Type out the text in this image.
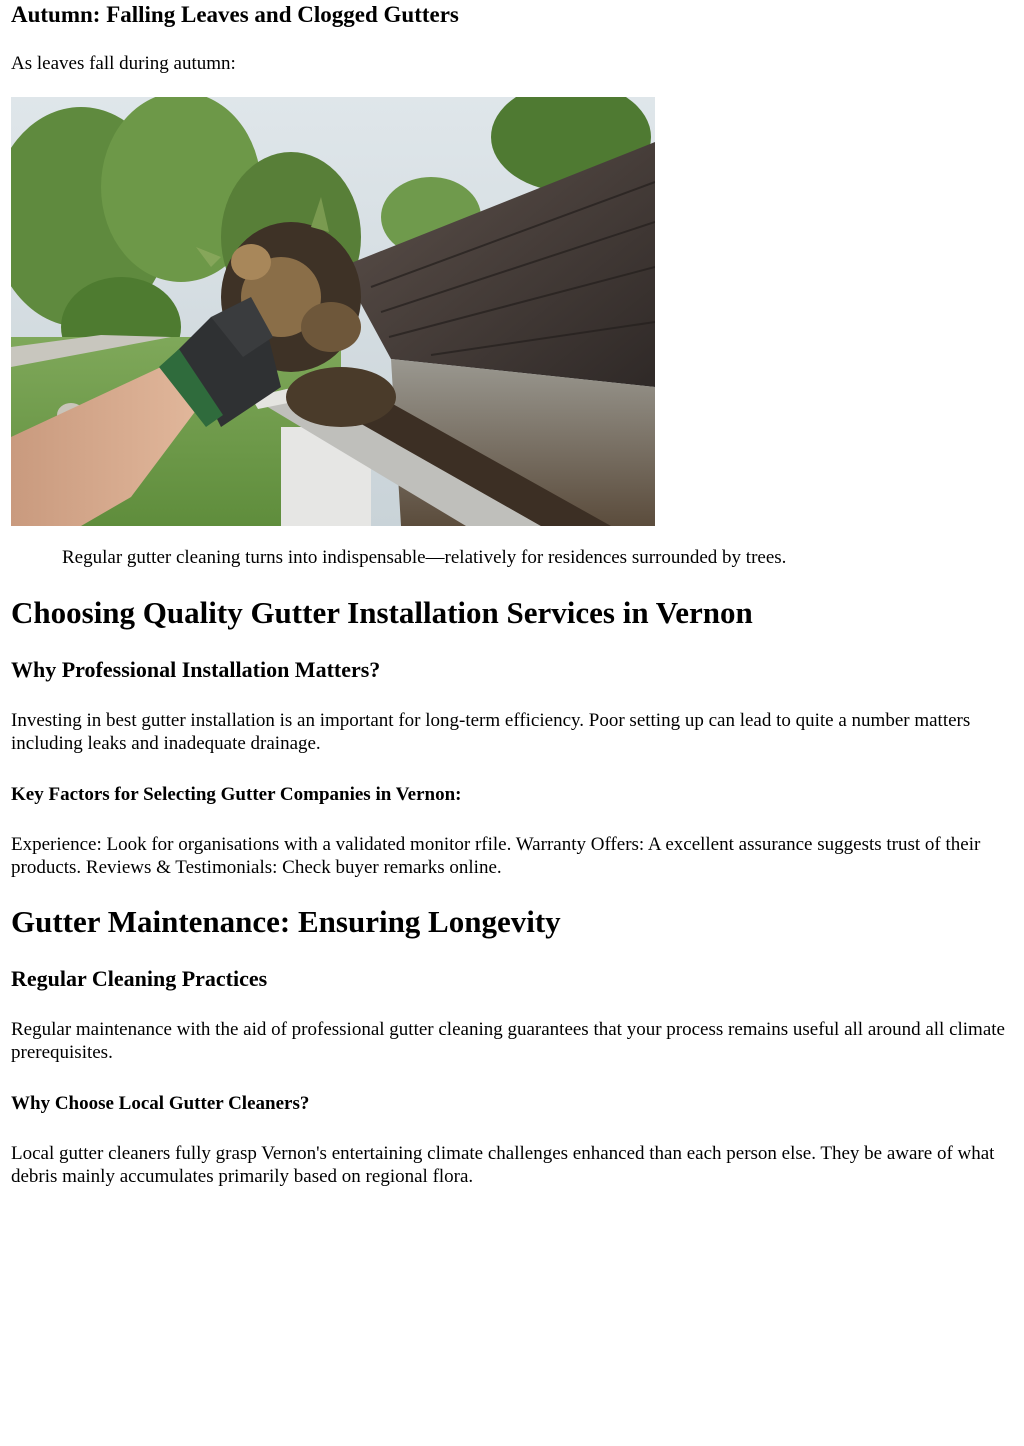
Autumn: Falling Leaves and Clogged Gutters

As leaves fall during autumn:

Regular gutter cleaning turns into indispensable—relatively for residences surrounded by trees.

Choosing Quality Gutter Installation Services in Vernon
Why Professional Installation Matters?

Investing in best gutter installation is an important for long-term efficiency. Poor setting up can lead to quite a number matters including leaks and inadequate drainage.

Key Factors for Selecting Gutter Companies in Vernon:

Experience: Look for organisations with a validated monitor rfile. Warranty Offers: A excellent assurance suggests trust of their products. Reviews & Testimonials: Check buyer remarks online.

Gutter Maintenance: Ensuring Longevity
Regular Cleaning Practices

Regular maintenance with the aid of professional gutter cleaning guarantees that your process remains useful all around all climate prerequisites.

Why Choose Local Gutter Cleaners?

Local gutter cleaners fully grasp Vernon's entertaining climate challenges enhanced than each person else. They be aware of what debris mainly accumulates primarily based on regional flora.
